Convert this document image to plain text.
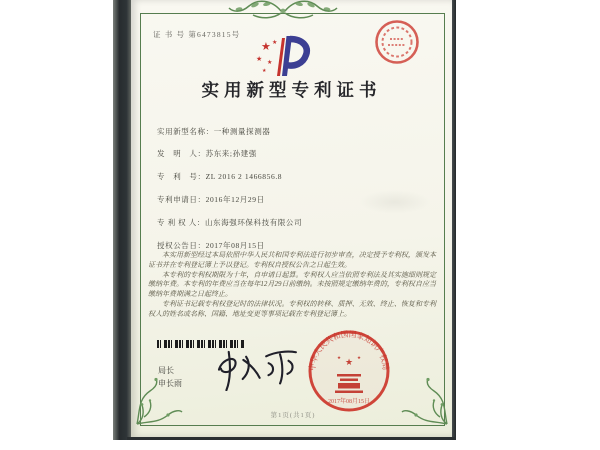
证 书 号 第6473815号
★
★ ★
★
★
实用新型专利证书
实用新型名称：一种测量探测器
发　明　人：苏东来;孙建强
专　利　号：ZL 2016 2 1466856.8
专利申请日：2016年12月29日
专 利 权 人：山东海强环保科技有限公司
授权公告日：2017年08月15日

本实用新型经过本局依照中华人民共和国专利法进行初步审查，决定授予专利权，颁发本证书并在专利登记簿上予以登记。专利权自授权公告之日起生效。

本专利的专利权期限为十年，自申请日起算。专利权人应当依照专利法及其实施细则规定缴纳年费。本专利的年费应当在每年12月29日前缴纳。未按照规定缴纳年费的，专利权自应当缴纳年费期满之日起终止。

专利证书记载专利权登记时的法律状况。专利权的转移、质押、无效、终止、恢复和专利权人的姓名或名称、国籍、地址变更等事项记载在专利登记簿上。

局长
申长雨
中华人民共和国国家知识产权局
★
★	★
2017年08月15日
第1页(共1页)
